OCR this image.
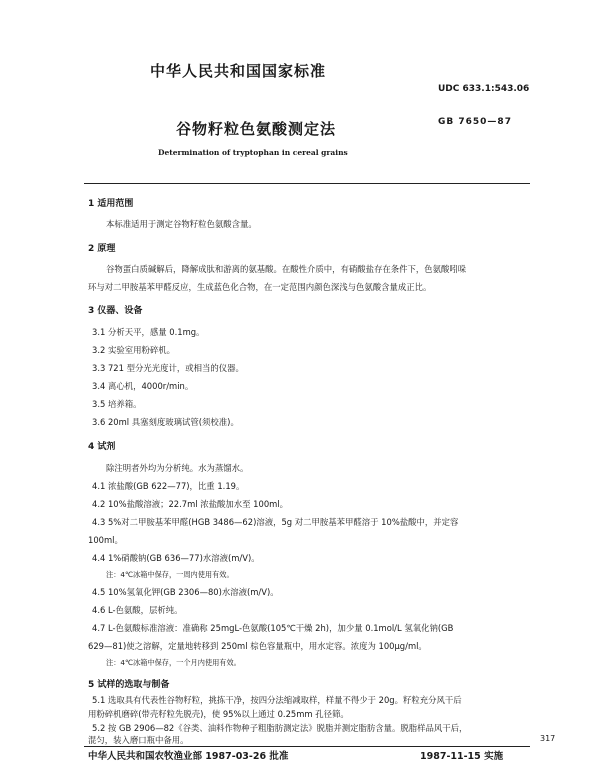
中华人民共和国国家标准
UDC 633.1:543.06
谷物籽粒色氨酸测定法	GB 7650—87
Determination of tryptophan in cereal grains
1 适用范围
本标准适用于测定谷物籽粒色氨酸含量。
2 原理
谷物蛋白质碱解后，降解成肽和游离的氨基酸。在酸性介质中，有硝酸盐存在条件下，色氨酸吲哚
环与对二甲胺基苯甲醛反应，生成蓝色化合物，在一定范围内颜色深浅与色氨酸含量成正比。
3 仪器、设备
3.1 分析天平，感量 0.1mg。
3.2 实验室用粉碎机。
3.3 721 型分光光度计，或相当的仪器。
3.4 离心机，4000r/min。
3.5 培养箱。
3.6 20ml 具塞刻度玻璃试管(须校准)。
4 试剂
除注明者外均为分析纯。水为蒸馏水。
4.1 浓盐酸(GB 622—77)，比重 1.19。
4.2 10%盐酸溶液；22.7ml 浓盐酸加水至 100ml。
4.3 5%对二甲胺基苯甲醛(HGB 3486—62)溶液，5g 对二甲胺基苯甲醛溶于 10%盐酸中，并定容
100ml。
4.4 1%硝酸钠(GB 636—77)水溶液(m/V)。
注：4℃冰箱中保存，一周内使用有效。
4.5 10%氢氧化钾(GB 2306—80)水溶液(m/V)。
4.6 L-色氨酸，层析纯。
4.7 L-色氨酸标准溶液：准确称 25mgL-色氨酸(105℃干燥 2h)，加少量 0.1mol/L 氢氧化钠(GB
629—81)使之溶解，定量地转移到 250ml 棕色容量瓶中，用水定容。浓度为 100μg/ml。
注：4℃冰箱中保存，一个月内使用有效。
5 试样的选取与制备
5.1 选取具有代表性谷物籽粒，挑拣干净，按四分法缩减取样，样量不得少于 20g。籽粒充分风干后
用粉碎机磨碎(带壳籽粒先脱壳)，使 95%以上通过 0.25mm 孔径筛。
5.2 按 GB 2906—82《谷类、油料作物种子粗脂肪测定法》脱脂并测定脂肪含量。脱脂样品风干后，
混匀，装入磨口瓶中备用。
中华人民共和国农牧渔业部 1987-03-26 批准	1987-11-15 实施
317
